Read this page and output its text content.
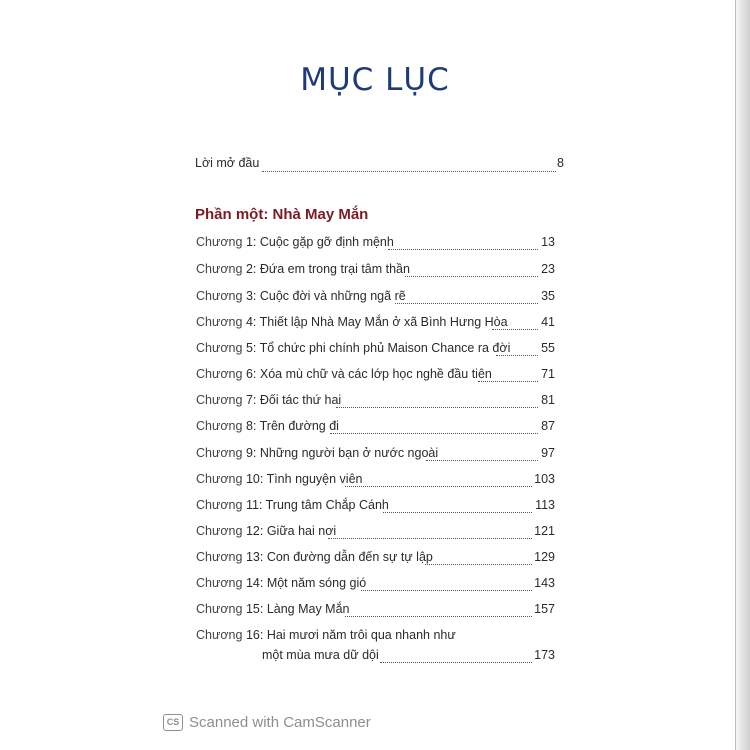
MỤC LỤC
Lời mở đầu	8
Phần một: Nhà May Mắn
Chương 1: Cuộc gặp gỡ định mệnh	13
Chương 2: Đứa em trong trại tâm thần	23
Chương 3: Cuộc đời và những ngã rẽ	35
Chương 4: Thiết lập Nhà May Mắn ở xã Bình Hưng Hòa	41
Chương 5: Tổ chức phi chính phủ Maison Chance ra đời 55
Chương 6: Xóa mù chữ và các lớp học nghề đầu tiên	71
Chương 7: Đối tác thứ hai	81
Chương 8: Trên đường đi	87
Chương 9: Những người bạn ở nước ngoài	97
Chương 10: Tình nguyện viên	103
Chương 11: Trung tâm Chắp Cánh	113
Chương 12: Giữa hai nơi	121
Chương 13: Con đường dẫn đến sự tự lập	129
Chương 14: Một năm sóng gió	143
Chương 15: Làng May Mắn	157
Chương 16: Hai mươi năm trôi qua nhanh như
một mùa mưa dữ dội	173
CS Scanned with CamScanner
